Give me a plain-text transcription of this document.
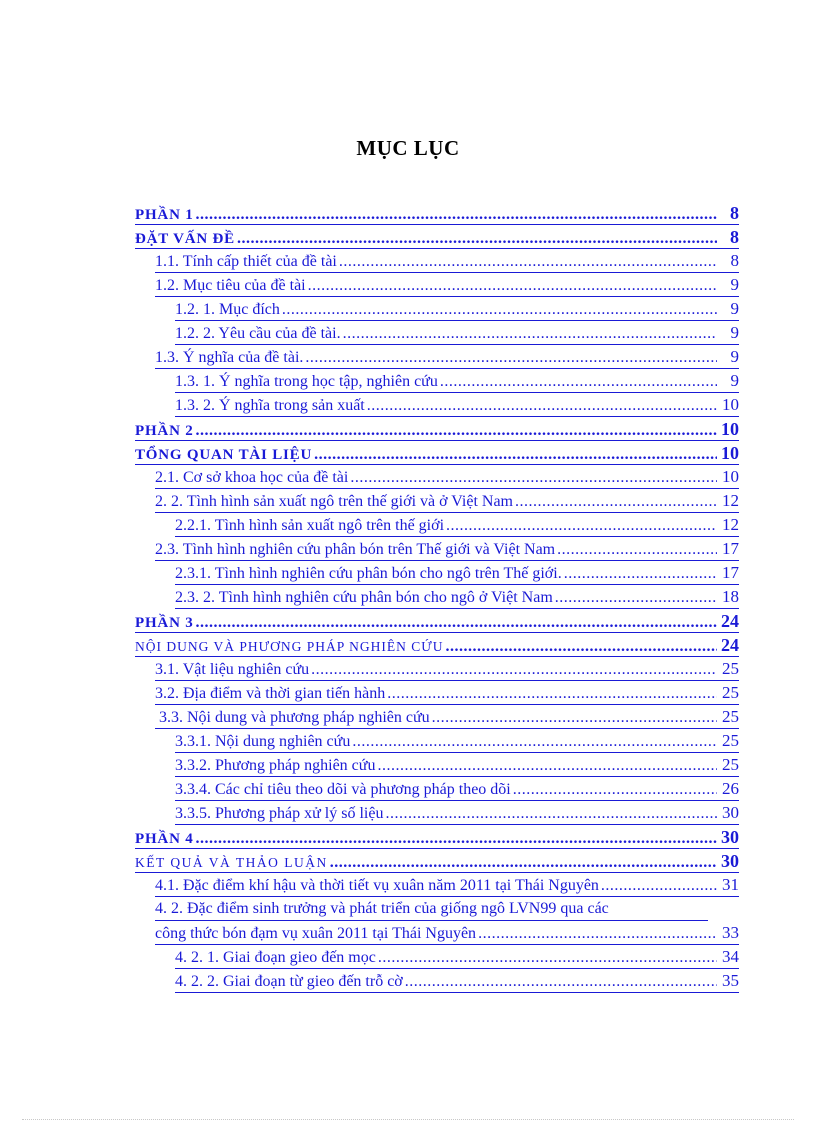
MỤC LỤC
PHẦN 1 .....	8
ĐẶT VẤN ĐỀ .....	8
1.1. Tính cấp thiết của đề tài .....	8
1.2. Mục tiêu của đề tài .....	9
1.2. 1. Mục đích .....	9
1.2. 2. Yêu cầu của đề tài. .....	9
1.3. Ý nghĩa của đề tài. .....	9
1.3. 1. Ý nghĩa trong học tập, nghiên cứu .....	9
1.3. 2. Ý nghĩa trong sản xuất .....	10
PHẦN 2 .....	10
TỔNG QUAN TÀI LIỆU .....	10
2.1. Cơ sở khoa học của đề tài .....	10
2. 2. Tình hình sản xuất ngô trên thế giới và ở Việt Nam .....	12
2.2.1. Tình hình sản xuất ngô trên thế giới .....	12
2.3. Tình hình nghiên cứu phân bón trên Thế giới và Việt Nam .....	17
2.3.1. Tình hình nghiên cứu phân bón cho ngô trên Thế giới. .....	17
2.3. 2. Tình hình nghiên cứu phân bón cho ngô ở Việt Nam .....	18
PHẦN 3 .....	24
NỘI DUNG VÀ PHƯƠNG PHÁP NGHIÊN CỨU .....	24
3.1. Vật liệu nghiên cứu .....	25
3.2. Địa điểm và thời gian tiến hành .....	25
3.3. Nội dung và phương pháp nghiên cứu .....	25
3.3.1. Nội dung nghiên cứu .....	25
3.3.2. Phương pháp nghiên cứu .....	25
3.3.4. Các chỉ tiêu theo dõi và phương pháp theo dõi .....	26
3.3.5. Phương pháp xử lý số liệu .....	30
PHẦN 4 .....	30
KẾT QUẢ VÀ THẢO LUẬN .....	30
4.1. Đặc điểm khí hậu và thời tiết vụ xuân năm 2011 tại Thái Nguyên .....	31
4. 2. Đặc điểm sinh trưởng và phát triển của giống ngô LVN99 qua các
công thức bón đạm vụ xuân 2011 tại Thái Nguyên .....	33
4. 2. 1. Giai đoạn gieo đến mọc .....	34
4. 2. 2. Giai đoạn từ gieo đến trỗ cờ .....	35
